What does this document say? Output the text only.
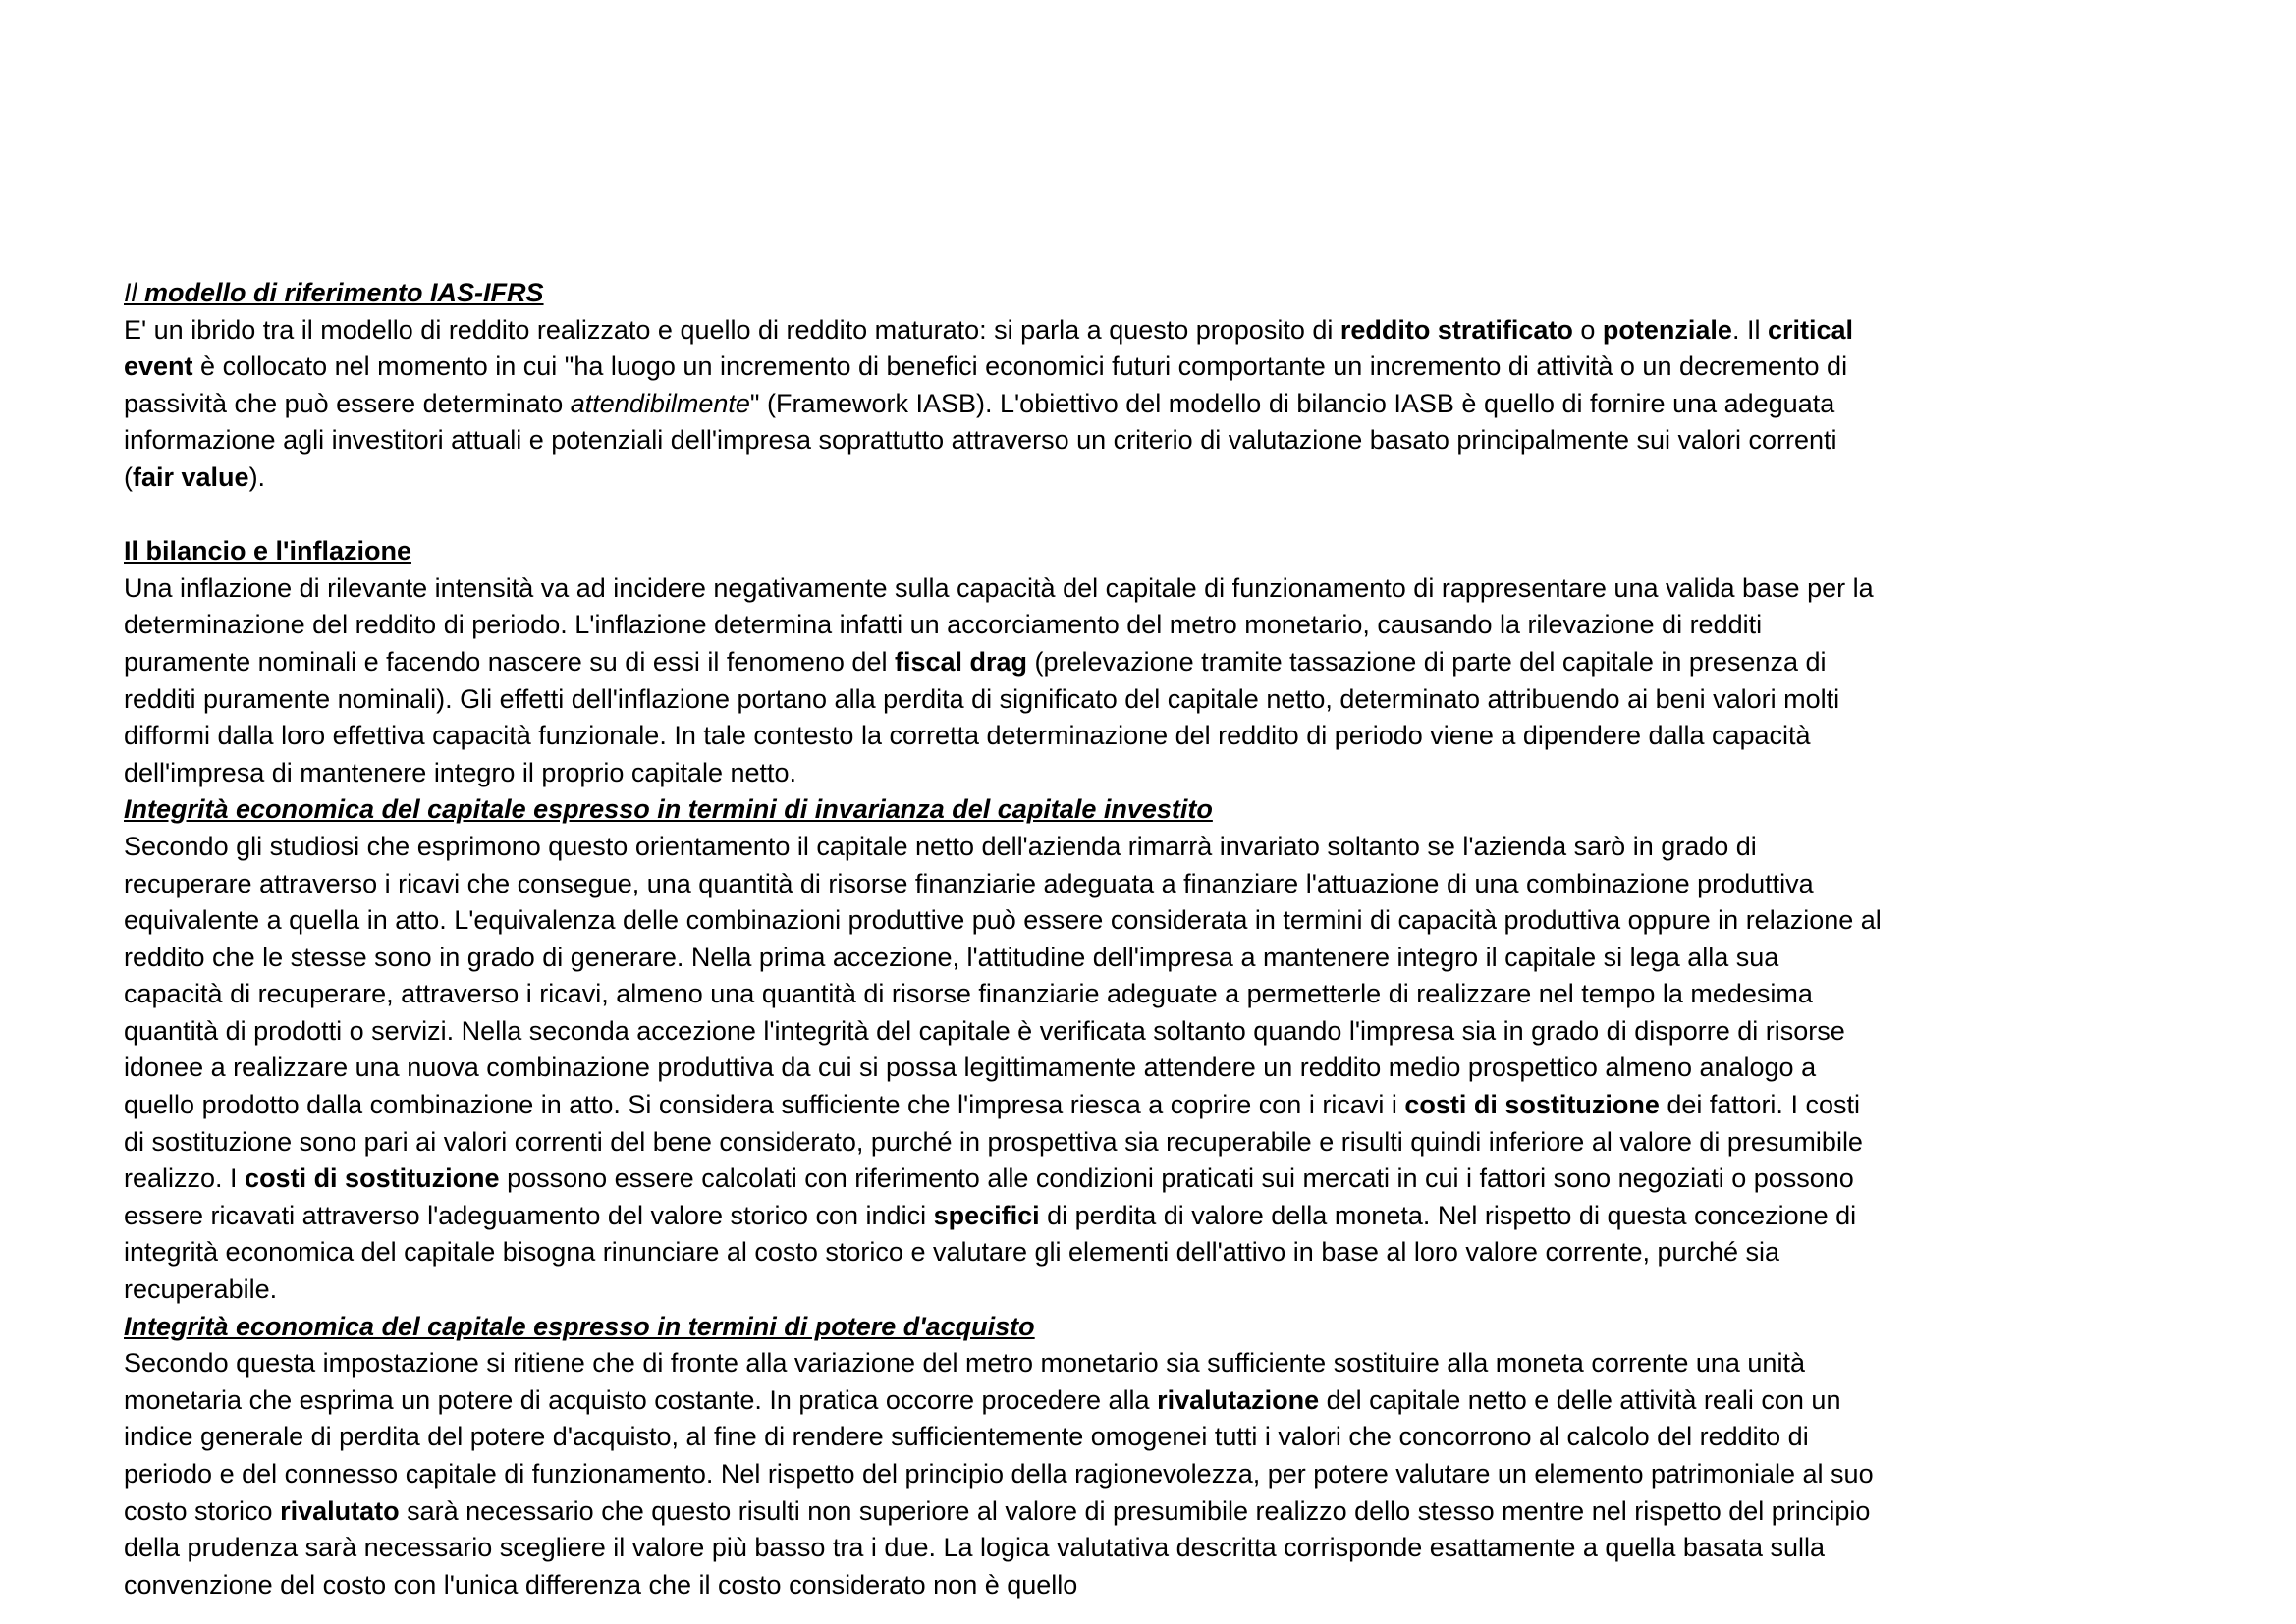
Il modello di riferimento IAS-IFRS

E' un ibrido tra il modello di reddito realizzato e quello di reddito maturato: si parla a questo proposito di reddito stratificato o potenziale. Il critical event è collocato nel momento in cui "ha luogo un incremento di benefici economici futuri comportante un incremento di attività o un decremento di passività che può essere determinato attendibilmente" (Framework IASB). L'obiettivo del modello di bilancio IASB è quello di fornire una adeguata informazione agli investitori attuali e potenziali dell'impresa soprattutto attraverso un criterio di valutazione basato principalmente sui valori correnti (fair value).

Il bilancio e l'inflazione

Una inflazione di rilevante intensità va ad incidere negativamente sulla capacità del capitale di funzionamento di rappresentare una valida base per la determinazione del reddito di periodo. L'inflazione determina infatti un accorciamento del metro monetario, causando la rilevazione di redditi puramente nominali e facendo nascere su di essi il fenomeno del fiscal drag (prelevazione tramite tassazione di parte del capitale in presenza di redditi puramente nominali). Gli effetti dell'inflazione portano alla perdita di significato del capitale netto, determinato attribuendo ai beni valori molti difformi dalla loro effettiva capacità funzionale. In tale contesto la corretta determinazione del reddito di periodo viene a dipendere dalla capacità dell'impresa di mantenere integro il proprio capitale netto.

Integrità economica del capitale espresso in termini di invarianza del capitale investito

Secondo gli studiosi che esprimono questo orientamento il capitale netto dell'azienda rimarrà invariato soltanto se l'azienda sarò in grado di recuperare attraverso i ricavi che consegue, una quantità di risorse finanziarie adeguata a finanziare l'attuazione di una combinazione produttiva equivalente a quella in atto. L'equivalenza delle combinazioni produttive può essere considerata in termini di capacità produttiva oppure in relazione al reddito che le stesse sono in grado di generare. Nella prima accezione, l'attitudine dell'impresa a mantenere integro il capitale si lega alla sua capacità di recuperare, attraverso i ricavi, almeno una quantità di risorse finanziarie adeguate a permetterle di realizzare nel tempo la medesima quantità di prodotti o servizi. Nella seconda accezione l'integrità del capitale è verificata soltanto quando l'impresa sia in grado di disporre di risorse idonee a realizzare una nuova combinazione produttiva da cui si possa legittimamente attendere un reddito medio prospettico almeno analogo a quello prodotto dalla combinazione in atto. Si considera sufficiente che l'impresa riesca a coprire con i ricavi i costi di sostituzione dei fattori. I costi di sostituzione sono pari ai valori correnti del bene considerato, purché in prospettiva sia recuperabile e risulti quindi inferiore al valore di presumibile realizzo. I costi di sostituzione possono essere calcolati con riferimento alle condizioni praticati sui mercati in cui i fattori sono negoziati o possono essere ricavati attraverso l'adeguamento del valore storico con indici specifici di perdita di valore della moneta. Nel rispetto di questa concezione di integrità economica del capitale bisogna rinunciare al costo storico e valutare gli elementi dell'attivo in base al loro valore corrente, purché sia recuperabile.

Integrità economica del capitale espresso in termini di potere d'acquisto

Secondo questa impostazione si ritiene che di fronte alla variazione del metro monetario sia sufficiente sostituire alla moneta corrente una unità monetaria che esprima un potere di acquisto costante. In pratica occorre procedere alla rivalutazione del capitale netto e delle attività reali con un indice generale di perdita del potere d'acquisto, al fine di rendere sufficientemente omogenei tutti i valori che concorrono al calcolo del reddito di periodo e del connesso capitale di funzionamento. Nel rispetto del principio della ragionevolezza, per potere valutare un elemento patrimoniale al suo costo storico rivalutato sarà necessario che questo risulti non superiore al valore di presumibile realizzo dello stesso mentre nel rispetto del principio della prudenza sarà necessario scegliere il valore più basso tra i due. La logica valutativa descritta corrisponde esattamente a quella basata sulla convenzione del costo con l'unica differenza che il costo considerato non è quello
